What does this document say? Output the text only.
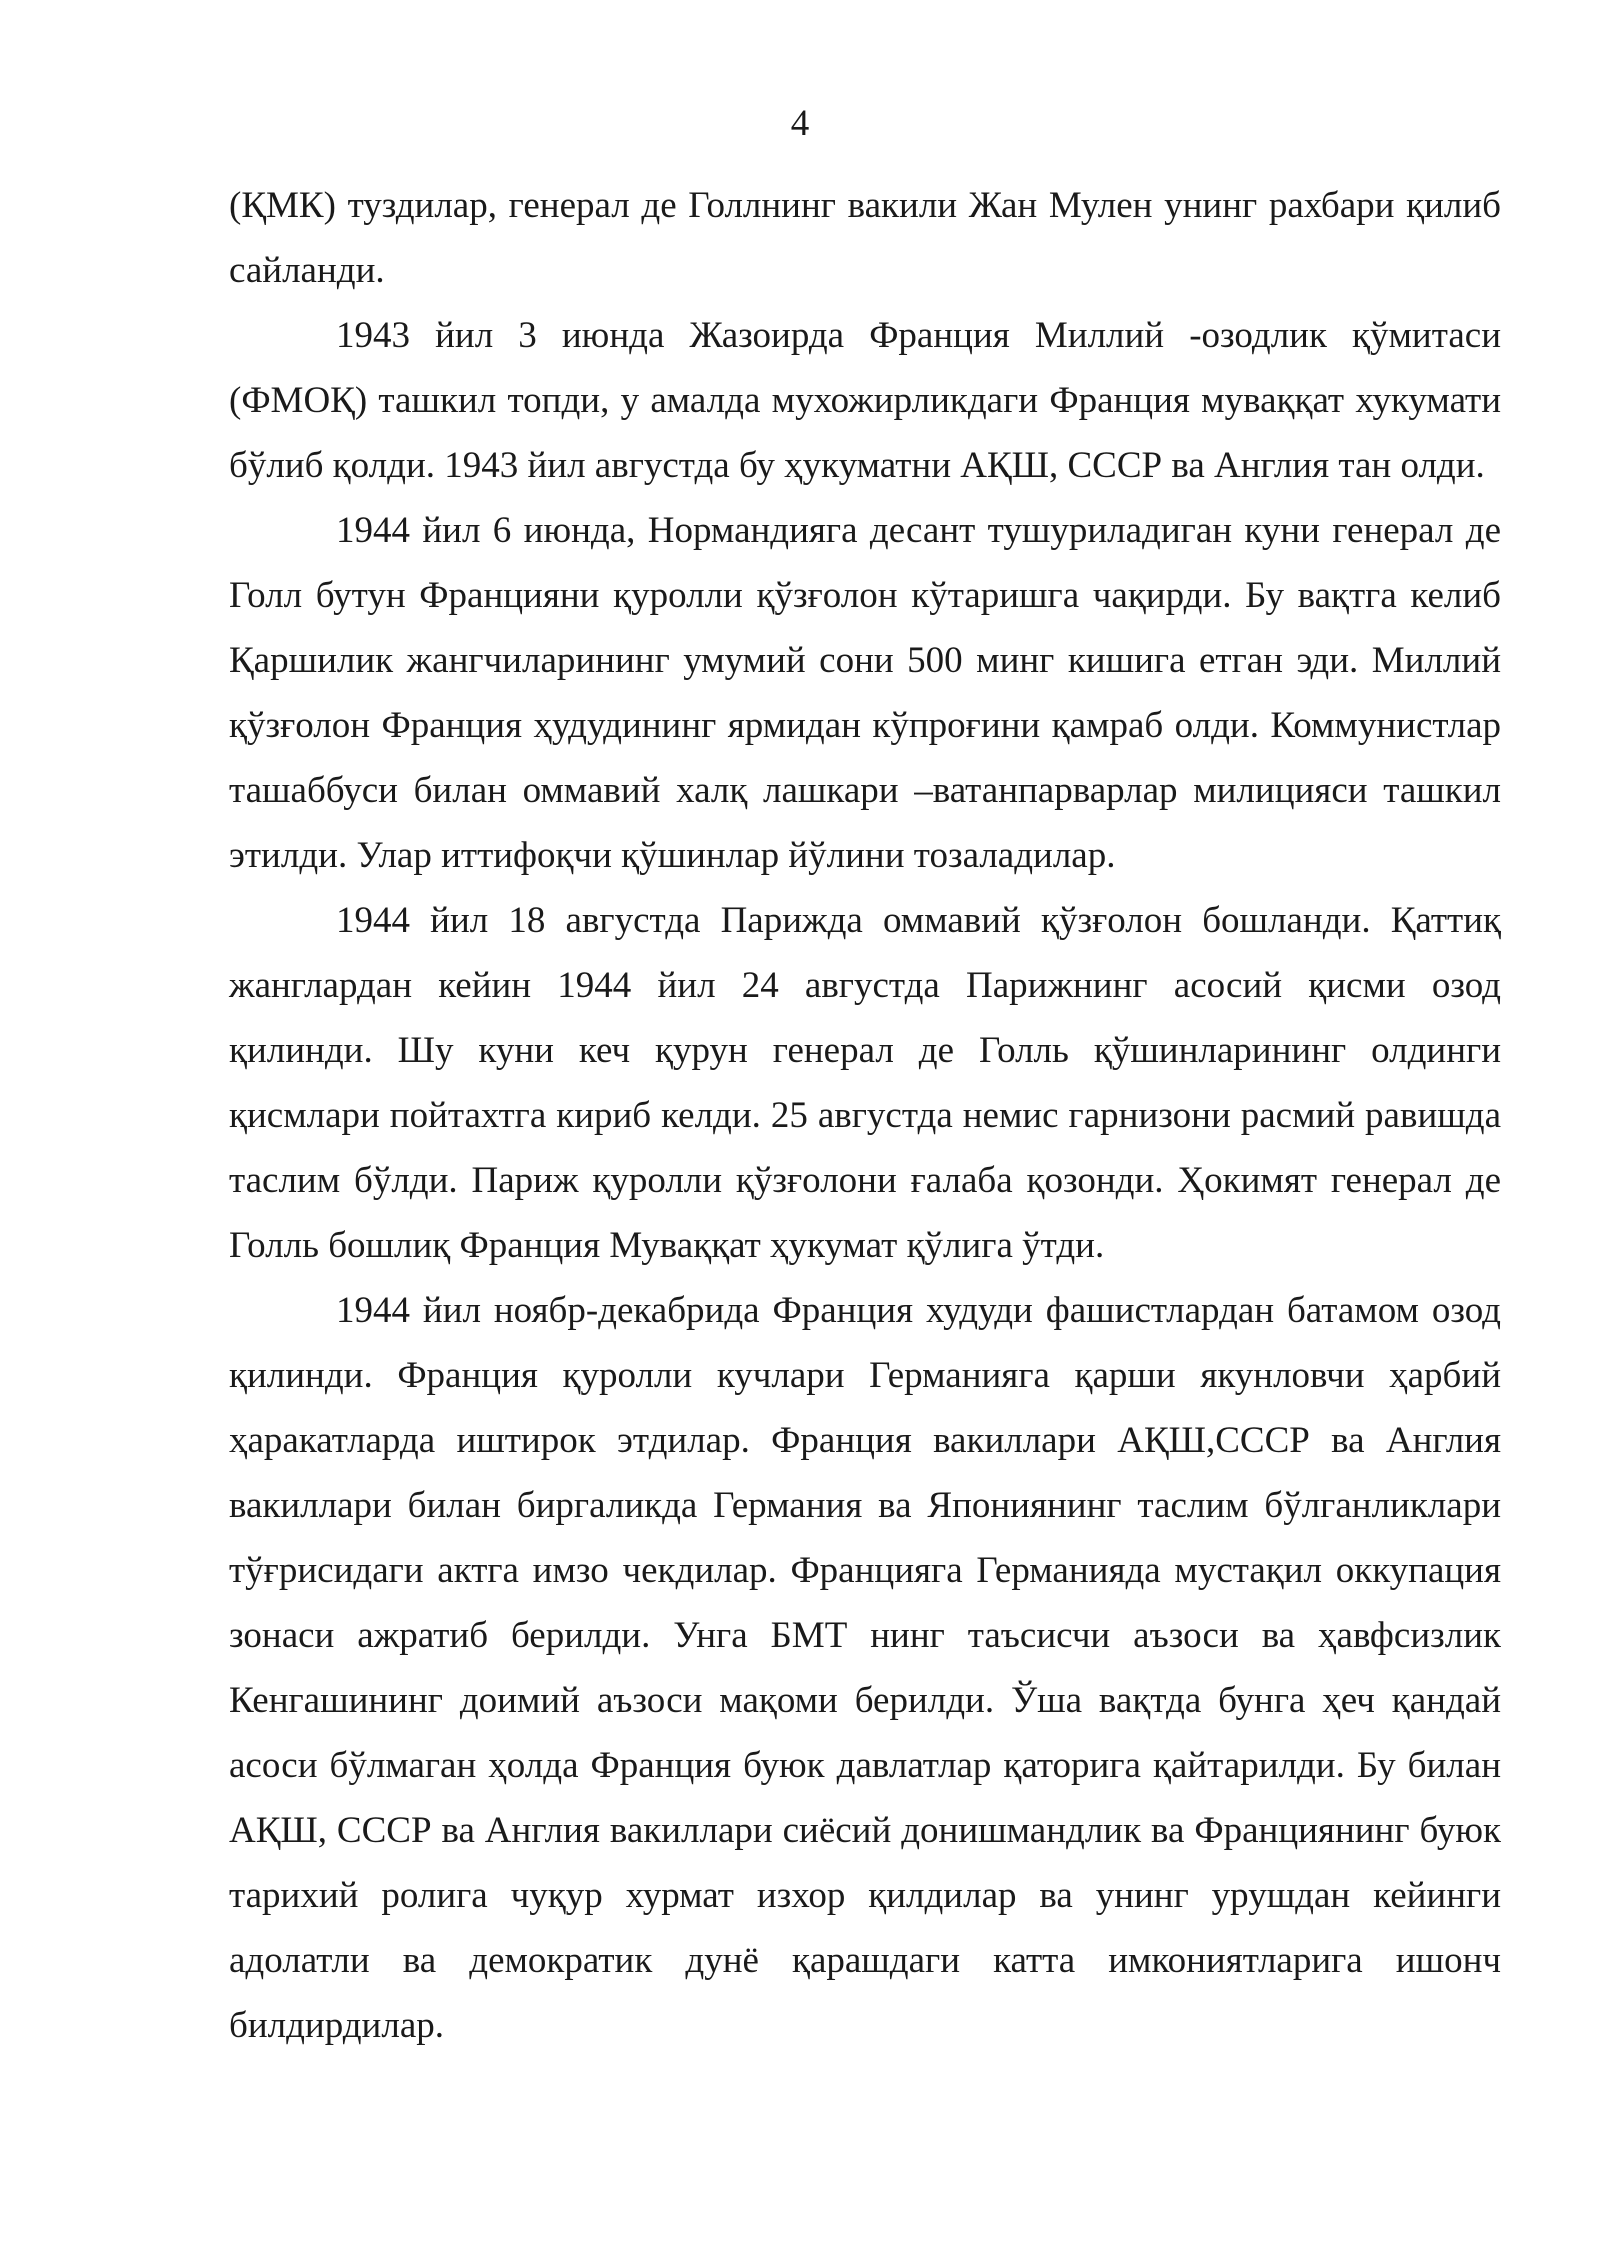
4

(ҚМК) туздилар, генерал де Голлнинг вакили Жан Мулен унинг рахбари қилиб сайланди.

1943 йил 3 июнда Жазоирда Франция Миллий -озодлик қўмитаси (ФМОҚ) ташкил топди, у амалда мухожирликдаги Франция муваққат хукумати бўлиб қолди. 1943 йил августда бу ҳукуматни АҚШ, СССР ва Англия тан олди.

1944 йил 6 июнда, Нормандияга десант тушуриладиган куни генерал де Голл бутун Францияни қуролли қўзғолон кўтаришга чақирди. Бу вақтга келиб Қаршилик жангчиларининг умумий сони 500 минг кишига етган эди. Миллий қўзғолон Франция ҳудудининг ярмидан кўпроғини қамраб олди. Коммунистлар ташаббуси билан оммавий халқ лашкари –ватанпарварлар милицияси ташкил этилди. Улар иттифоқчи қўшинлар йўлини тозаладилар.

1944 йил 18 августда Парижда оммавий қўзғолон бошланди. Қаттиқ жанглардан кейин 1944 йил 24 августда Парижнинг асосий қисми озод қилинди. Шу куни кеч қурун генерал де Голль қўшинларининг олдинги қисмлари пойтахтга кириб келди. 25 августда немис гарнизони расмий равишда таслим бўлди. Париж қуролли қўзғолони ғалаба қозонди. Ҳокимят генерал де Голль бошлиқ Франция Муваққат ҳукумат қўлига ўтди.

1944 йил ноябр-декабрида Франция худуди фашистлардан батамом озод қилинди. Франция қуролли кучлари Германияга қарши якунловчи ҳарбий ҳаракатларда иштирок этдилар. Франция вакиллари АҚШ,СССР ва Англия вакиллари билан биргаликда Германия ва Япониянинг таслим бўлганликлари тўғрисидаги актга имзо чекдилар. Францияга Германияда мустақил оккупация зонаси ажратиб берилди. Унга БМТ нинг таъсисчи аъзоси ва ҳавфсизлик Кенгашининг доимий аъзоси мақоми берилди. Ўша вақтда бунга ҳеч қандай асоси бўлмаган ҳолда Франция буюк давлатлар қаторига қайтарилди. Бу билан АҚШ, СССР ва Англия вакиллари сиёсий донишмандлик ва Франциянинг буюк тарихий ролига чуқур хурмат изхор қилдилар ва унинг урушдан кейинги адолатли ва демократик дунё қарашдаги катта имкониятларига ишонч билдирдилар.
